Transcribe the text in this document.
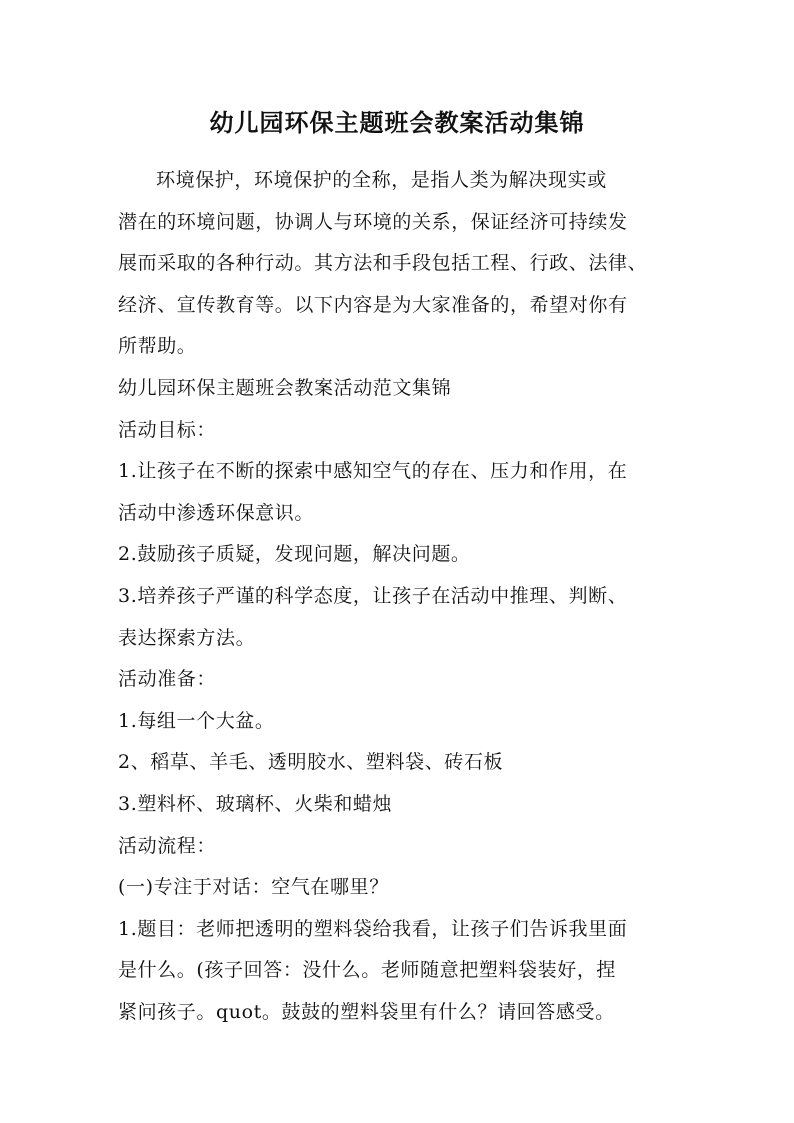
幼儿园环保主题班会教案活动集锦

环境保护，环境保护的全称，是指人类为解决现实或

潜在的环境问题，协调人与环境的关系，保证经济可持续发

展而采取的各种行动。其方法和手段包括工程、行政、法律、

经济、宣传教育等。以下内容是为大家准备的，希望对你有

所帮助。

幼儿园环保主题班会教案活动范文集锦

活动目标：

1.让孩子在不断的探索中感知空气的存在、压力和作用，在

活动中渗透环保意识。

2.鼓励孩子质疑，发现问题，解决问题。

3.培养孩子严谨的科学态度，让孩子在活动中推理、判断、

表达探索方法。

活动准备：

1.每组一个大盆。

2、稻草、羊毛、透明胶水、塑料袋、砖石板

3.塑料杯、玻璃杯、火柴和蜡烛

活动流程：

(一)专注于对话：空气在哪里？

1.题目：老师把透明的塑料袋给我看，让孩子们告诉我里面

是什么。(孩子回答：没什么。老师随意把塑料袋装好，捏

紧问孩子。quot。鼓鼓的塑料袋里有什么？请回答感受。
